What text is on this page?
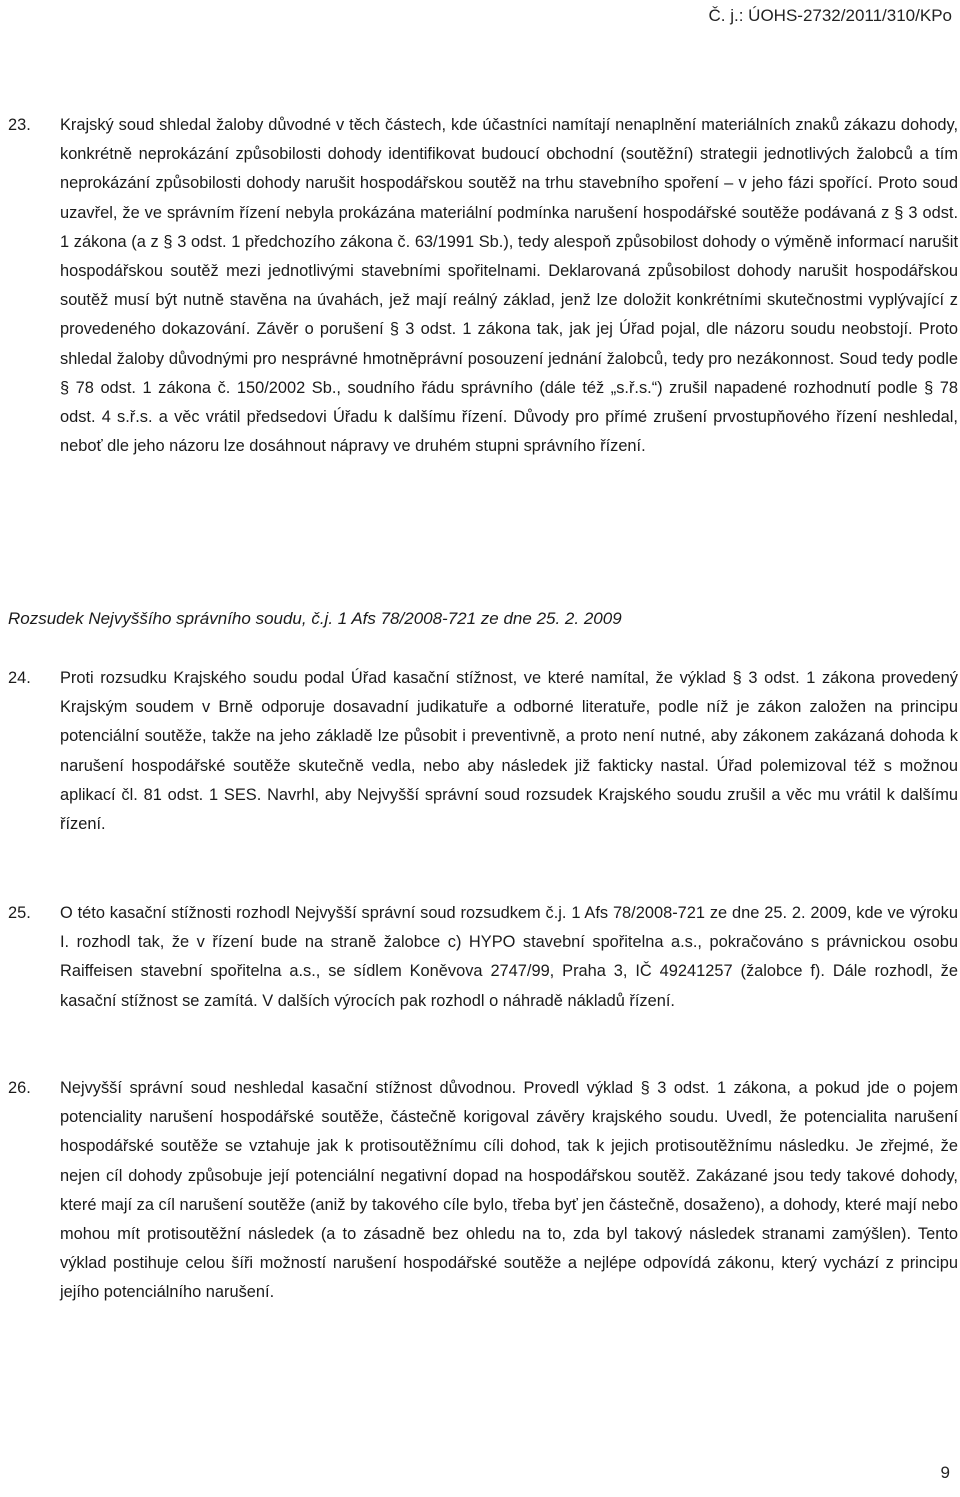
Č. j.: ÚOHS-2732/2011/310/KPo
23. Krajský soud shledal žaloby důvodné v těch částech, kde účastníci namítají nenaplnění materiálních znaků zákazu dohody, konkrétně neprokázání způsobilosti dohody identifikovat budoucí obchodní (soutěžní) strategii jednotlivých žalobců a tím neprokázání způsobilosti dohody narušit hospodářskou soutěž na trhu stavebního spoření – v jeho fázi spořící. Proto soud uzavřel, že ve správním řízení nebyla prokázána materiální podmínka narušení hospodářské soutěže podávaná z § 3 odst. 1 zákona (a z § 3 odst. 1 předchozího zákona č. 63/1991 Sb.), tedy alespoň způsobilost dohody o výměně informací narušit hospodářskou soutěž mezi jednotlivými stavebními spořitelnami. Deklarovaná způsobilost dohody narušit hospodářskou soutěž musí být nutně stavěna na úvahách, jež mají reálný základ, jenž lze doložit konkrétními skutečnostmi vyplývající z provedeného dokazování. Závěr o porušení § 3 odst. 1 zákona tak, jak jej Úřad pojal, dle názoru soudu neobstojí. Proto shledal žaloby důvodnými pro nesprávné hmotněprávní posouzení jednání žalobců, tedy pro nezákonnost. Soud tedy podle § 78 odst. 1 zákona č. 150/2002 Sb., soudního řádu správního (dále též „s.ř.s.“) zrušil napadené rozhodnutí podle § 78 odst. 4 s.ř.s. a věc vrátil předsedovi Úřadu k dalšímu řízení. Důvody pro přímé zrušení prvostupňového řízení neshledal, neboť dle jeho názoru lze dosáhnout nápravy ve druhém stupni správního řízení.
Rozsudek Nejvyššího správního soudu, č.j. 1 Afs 78/2008-721 ze dne 25. 2. 2009
24. Proti rozsudku Krajského soudu podal Úřad kasační stížnost, ve které namítal, že výklad § 3 odst. 1 zákona provedený Krajským soudem v Brně odporuje dosavadní judikatuře a odborné literatuře, podle níž je zákon založen na principu potenciální soutěže, takže na jeho základě lze působit i preventivně, a proto není nutné, aby zákonem zakázaná dohoda k narušení hospodářské soutěže skutečně vedla, nebo aby následek již fakticky nastal. Úřad polemizoval též s možnou aplikací čl. 81 odst. 1 SES. Navrhl, aby Nejvyšší správní soud rozsudek Krajského soudu zrušil a věc mu vrátil k dalšímu řízení.
25. O této kasační stížnosti rozhodl Nejvyšší správní soud rozsudkem č.j. 1 Afs 78/2008-721 ze dne 25. 2. 2009, kde ve výroku I. rozhodl tak, že v řízení bude na straně žalobce c) HYPO stavební spořitelna a.s., pokračováno s právnickou osobu Raiffeisen stavební spořitelna a.s., se sídlem Koněvova 2747/99, Praha 3, IČ 49241257 (žalobce f). Dále rozhodl, že kasační stížnost se zamítá. V dalších výrocích pak rozhodl o náhradě nákladů řízení.
26. Nejvyšší správní soud neshledal kasační stížnost důvodnou. Provedl výklad § 3 odst. 1 zákona, a pokud jde o pojem potenciality narušení hospodářské soutěže, částečně korigoval závěry krajského soudu. Uvedl, že potencialita narušení hospodářské soutěže se vztahuje jak k protisoutěžnímu cíli dohod, tak k jejich protisoutěžnímu následku. Je zřejmé, že nejen cíl dohody způsobuje její potenciální negativní dopad na hospodářskou soutěž. Zakázané jsou tedy takové dohody, které mají za cíl narušení soutěže (aniž by takového cíle bylo, třeba byť jen částečně, dosaženo), a dohody, které mají nebo mohou mít protisoutěžní následek (a to zásadně bez ohledu na to, zda byl takový následek stranami zamýšlen). Tento výklad postihuje celou šíři možností narušení hospodářské soutěže a nejlépe odpovídá zákonu, který vychází z principu jejího potenciálního narušení.
9
